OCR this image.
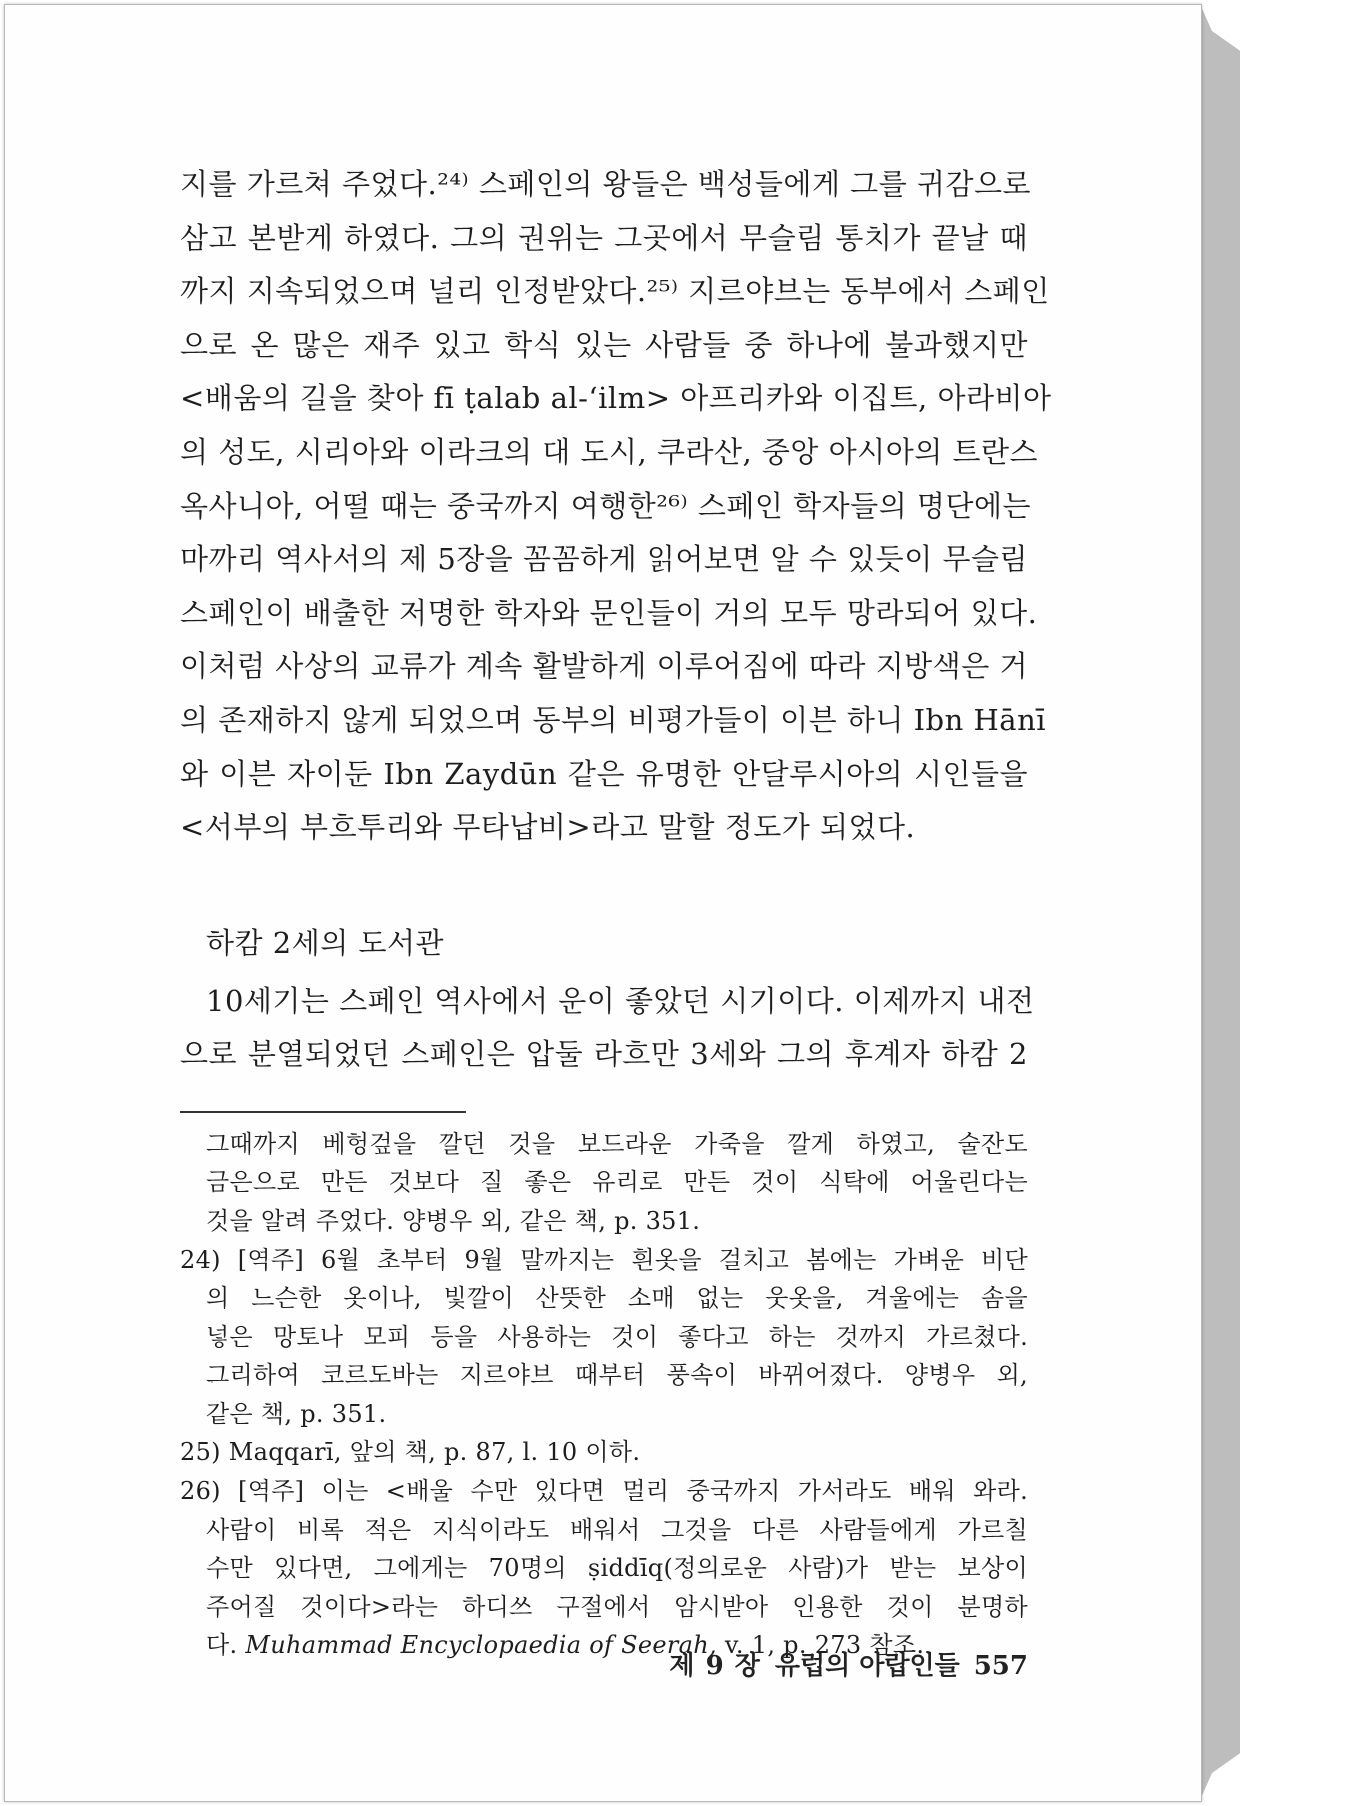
지를 가르쳐 주었다.²⁴⁾ 스페인의 왕들은 백성들에게 그를 귀감으로
삼고 본받게 하였다. 그의 권위는 그곳에서 무슬림 통치가 끝날 때
까지 지속되었으며 널리 인정받았다.²⁵⁾ 지르야브는 동부에서 스페인
으로 온 많은 재주 있고 학식 있는 사람들 중 하나에 불과했지만
<배움의 길을 찾아 fī ṭalab al-ʻilm> 아프리카와 이집트, 아라비아
의 성도, 시리아와 이라크의 대 도시, 쿠라산, 중앙 아시아의 트란스
옥사니아, 어떨 때는 중국까지 여행한²⁶⁾ 스페인 학자들의 명단에는
마까리 역사서의 제 5장을 꼼꼼하게 읽어보면 알 수 있듯이 무슬림
스페인이 배출한 저명한 학자와 문인들이 거의 모두 망라되어 있다.
이처럼 사상의 교류가 계속 활발하게 이루어짐에 따라 지방색은 거
의 존재하지 않게 되었으며 동부의 비평가들이 이븐 하니 Ibn Hānī
와 이븐 자이둔 Ibn Zaydūn 같은 유명한 안달루시아의 시인들을
<서부의 부흐투리와 무타납비>라고 말할 정도가 되었다.
하캄 2세의 도서관
10세기는 스페인 역사에서 운이 좋았던 시기이다. 이제까지 내전
으로 분열되었던 스페인은 압둘 라흐만 3세와 그의 후계자 하캄 2
그때까지 베헝겊을 깔던 것을 보드라운 가죽을 깔게 하였고, 술잔도
금은으로 만든 것보다 질 좋은 유리로 만든 것이 식탁에 어울린다는
것을 알려 주었다. 양병우 외, 같은 책, p. 351.
24) [역주] 6월 초부터 9월 말까지는 흰옷을 걸치고 봄에는 가벼운 비단
의 느슨한 옷이나, 빛깔이 산뜻한 소매 없는 웃옷을, 겨울에는 솜을
넣은 망토나 모피 등을 사용하는 것이 좋다고 하는 것까지 가르쳤다.
그리하여 코르도바는 지르야브 때부터 풍속이 바뀌어졌다. 양병우 외,
같은 책, p. 351.
25) Maqqarī, 앞의 책, p. 87, l. 10 이하.
26) [역주] 이는 <배울 수만 있다면 멀리 중국까지 가서라도 배워 와라.
사람이 비록 적은 지식이라도 배워서 그것을 다른 사람들에게 가르칠
수만 있다면, 그에게는 70명의 ṣiddīq(정의로운 사람)가 받는 보상이
주어질 것이다>라는 하디쓰 구절에서 암시받아 인용한 것이 분명하
다. Muhammad Encyclopaedia of Seerah, v. 1, p. 273 참조.
제 9 장 유럽의 아랍인들 557
